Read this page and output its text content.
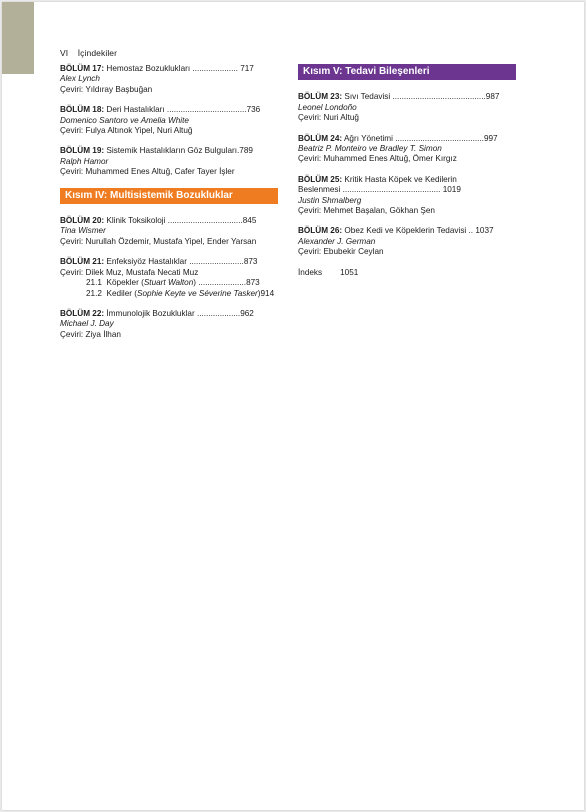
VI İçindekiler
BÖLÜM 17: Hemostaz Bozuklukları .................... 717
Alex Lynch
Çeviri: Yıldıray Başbuğan
BÖLÜM 18: Deri Hastalıkları ...................................736
Domenico Santoro ve Amelia White
Çeviri: Fulya Altınok Yipel, Nuri Altuğ
BÖLÜM 19: Sistemik Hastalıkların Göz Bulguları.789
Ralph Hamor
Çeviri: Muhammed Enes Altuğ, Cafer Tayer İşler
Kısım IV: Multisistemik Bozukluklar
BÖLÜM 20: Klinik Toksikoloji .................................845
Tina Wismer
Çeviri: Nurullah Özdemir, Mustafa Yipel, Ender Yarsan
BÖLÜM 21: Enfeksiyöz Hastalıklar ........................873
Çeviri: Dilek Muz, Mustafa Necati Muz
21.1 Köpekler (Stuart Walton) .....................873
21.2 Kediler (Sophie Keyte ve Séverine Tasker)914
BÖLÜM 22: İmmunolojik Bozukluklar ...................962
Michael J. Day
Çeviri: Ziya İlhan
Kısım V: Tedavi Bileşenleri
BÖLÜM 23: Sıvı Tedavisi .........................................987
Leonel Londoño
Çeviri: Nuri Altuğ
BÖLÜM 24: Ağrı Yönetimi .......................................997
Beatriz P. Monteiro ve Bradley T. Simon
Çeviri: Muhammed Enes Altuğ, Ömer Kırgız
BÖLÜM 25: Kritik Hasta Köpek ve Kedilerin
Beslenmesi ........................................... 1019
Justin Shmalberg
Çeviri: Mehmet Başalan, Gökhan Şen
BÖLÜM 26: Obez Kedi ve Köpeklerin Tedavisi .. 1037
Alexander J. German
Çeviri: Ebubekir Ceylan
İndeks 1051
